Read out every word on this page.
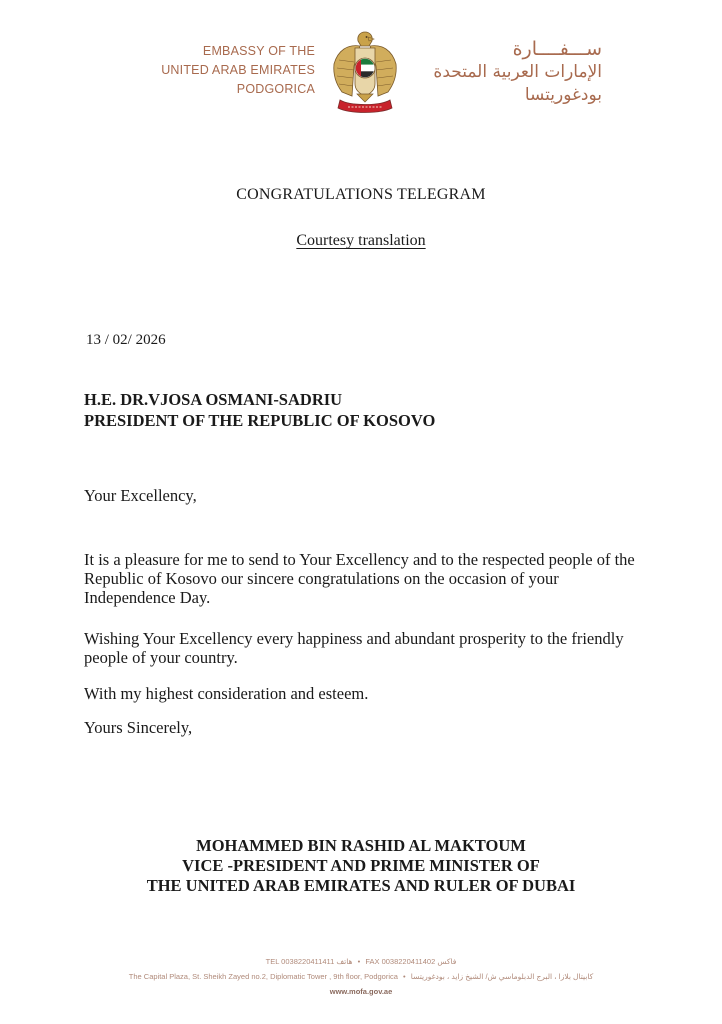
EMBASSY OF THE
UNITED ARAB EMIRATES
PODGORICA
ســـفــــارة
الإمارات العربية المتحدة
بودغوريتسا
CONGRATULATIONS TELEGRAM
Courtesy translation
13 / 02/ 2026
H.E. DR.VJOSA OSMANI-SADRIU
PRESIDENT OF THE REPUBLIC OF KOSOVO
Your Excellency,
It is a pleasure for me to send to Your Excellency and to the respected people of the Republic of Kosovo our sincere congratulations on the occasion of your Independence Day.
Wishing Your Excellency every happiness and abundant prosperity to the friendly people of your country.
With my highest consideration and esteem.
Yours Sincerely,
MOHAMMED BIN RASHID AL MAKTOUM
VICE -PRESIDENT AND PRIME MINISTER OF
THE UNITED ARAB EMIRATES AND RULER OF DUBAI
TEL 0038220411411 هاتف • FAX 0038220411402 فاكس
The Capital Plaza, St. Sheikh Zayed no.2, Diplomatic Tower , 9th floor, Podgorica • كابيتال بلازا ، البرج الدبلوماسي ش/ الشيخ زايد ، بودغوريتسا
www.mofa.gov.ae
